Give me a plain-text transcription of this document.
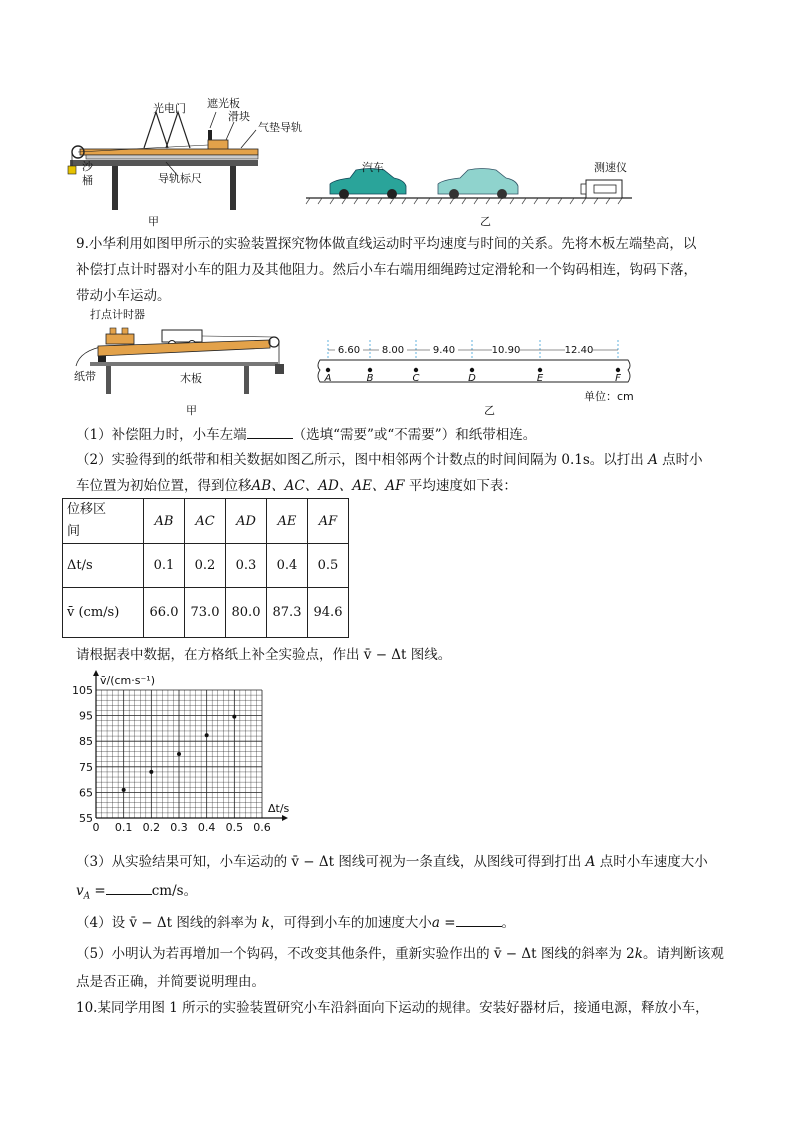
光电门 遮光板
滑块
气垫导轨
沙
桶	导轨标尺
甲
汽车	测速仪
乙
9.小华利用如图甲所示的实验装置探究物体做直线运动时平均速度与时间的关系。先将木板左端垫高，以
补偿打点计时器对小车的阻力及其他阻力。然后小车右端用细绳跨过定滑轮和一个钩码相连，钩码下落，
带动小车运动。
打点计时器
纸带	木板
甲
A	B	C	D	E	F
6.60 8.00	9.40	10.90	12.40
单位：cm
乙
（1）补偿阻力时，小车左端	（选填“需要”或“不需要”）和纸带相连。
（2）实验得到的纸带和相关数据如图乙所示，图中相邻两个计数点的时间间隔为 0.1s。以打出 A 点时小
车位置为初始位置，得到位移AB、AC、AD、AE、AF 平均速度如下表：
位移区
间	AB	AC	AD	AE	AF
Δt/s	0.1	0.2	0.3	0.4	0.5
v̄ (cm/s)	66.0	73.0	80.0	87.3	94.6
请根据表中数据，在方格纸上补全实验点，作出 v̄ − Δt 图线。
0 0.1 0.2 0.3 0.4 0.5 0.6
55
65
75
85
95
105
v̄/(cm·s⁻¹)
Δt/s
（3）从实验结果可知，小车运动的 v̄ − Δt 图线可视为一条直线，从图线可得到打出 A 点时小车速度大小
$v_A$ =	cm/s。
（4）设 v̄ − Δt 图线的斜率为 k，可得到小车的加速度大小a =	。
（5）小明认为若再增加一个钩码，不改变其他条件，重新实验作出的 v̄ − Δt 图线的斜率为 2k。请判断该观
点是否正确，并简要说明理由。
10.某同学用图 1 所示的实验装置研究小车沿斜面向下运动的规律。安装好器材后，接通电源，释放小车，
